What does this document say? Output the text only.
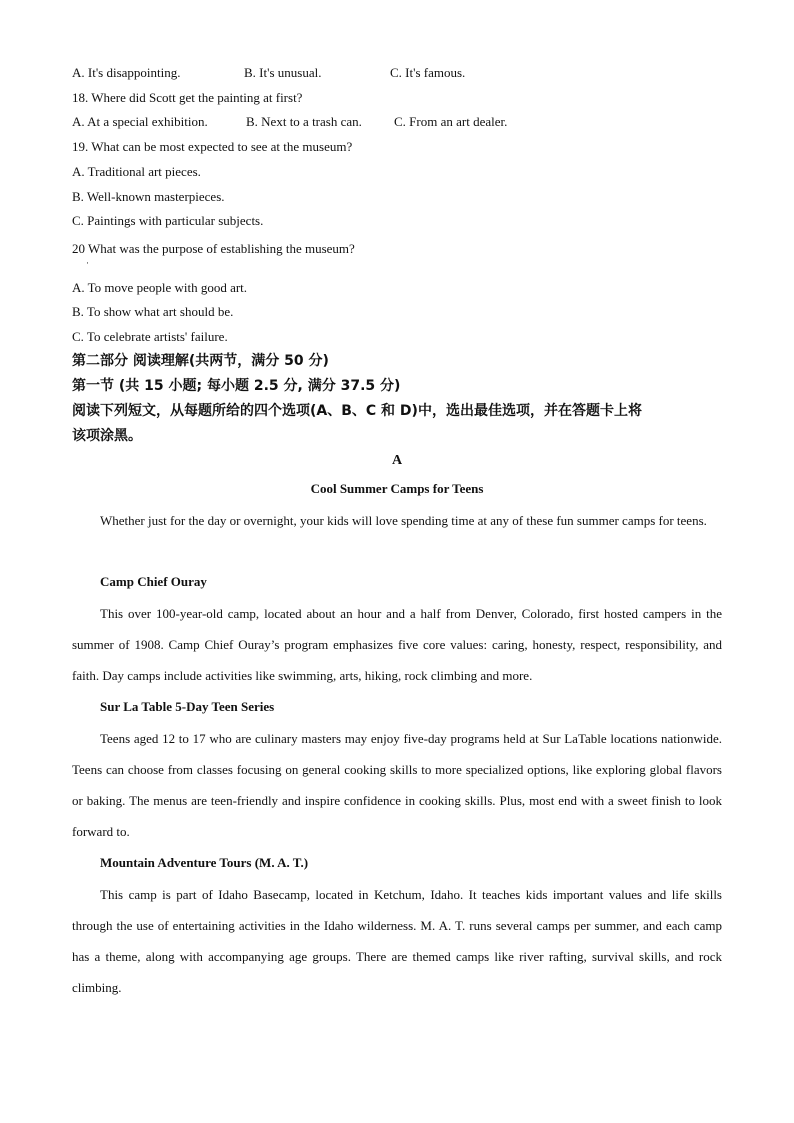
A. It's disappointing.	B. It's unusual.	C. It's famous.
18. Where did Scott get the painting at first?
A. At a special exhibition.	B. Next to a trash can. C. From an art dealer.
19. What can be most expected to see at the museum?
A. Traditional art pieces.
B. Well-known masterpieces.
C. Paintings with particular subjects.
20 What was the purpose of establishing the museum?
·
A. To move people with good art.
B. To show what art should be.
C. To celebrate artists' failure.
第二部分 阅读理解(共两节，满分 50 分)
第一节 (共 15 小题; 每小题 2.5 分, 满分 37.5 分)
阅读下列短文，从每题所给的四个选项(A、B、C 和 D)中，选出最佳选项，并在答题卡上将
该项涂黑。
A
Cool Summer Camps for Teens

Whether just for the day or overnight, your kids will love spending time at any of these fun summer camps for teens.

Camp Chief Ouray

This over 100-year-old camp, located about an hour and a half from Denver, Colorado, first hosted campers in the summer of 1908. Camp Chief Ouray’s program emphasizes five core values: caring, honesty, respect, responsibility, and faith. Day camps include activities like swimming, arts, hiking, rock climbing and more.

Sur La Table 5-Day Teen Series

Teens aged 12 to 17 who are culinary masters may enjoy five-day programs held at Sur LaTable locations nationwide. Teens can choose from classes focusing on general cooking skills to more specialized options, like exploring global flavors or baking. The menus are teen-friendly and inspire confidence in cooking skills. Plus, most end with a sweet finish to look forward to.

Mountain Adventure Tours (M. A. T.)

This camp is part of Idaho Basecamp, located in Ketchum, Idaho. It teaches kids important values and life skills through the use of entertaining activities in the Idaho wilderness. M. A. T. runs several camps per summer, and each camp has a theme, along with accompanying age groups. There are themed camps like river rafting, survival skills, and rock climbing.
